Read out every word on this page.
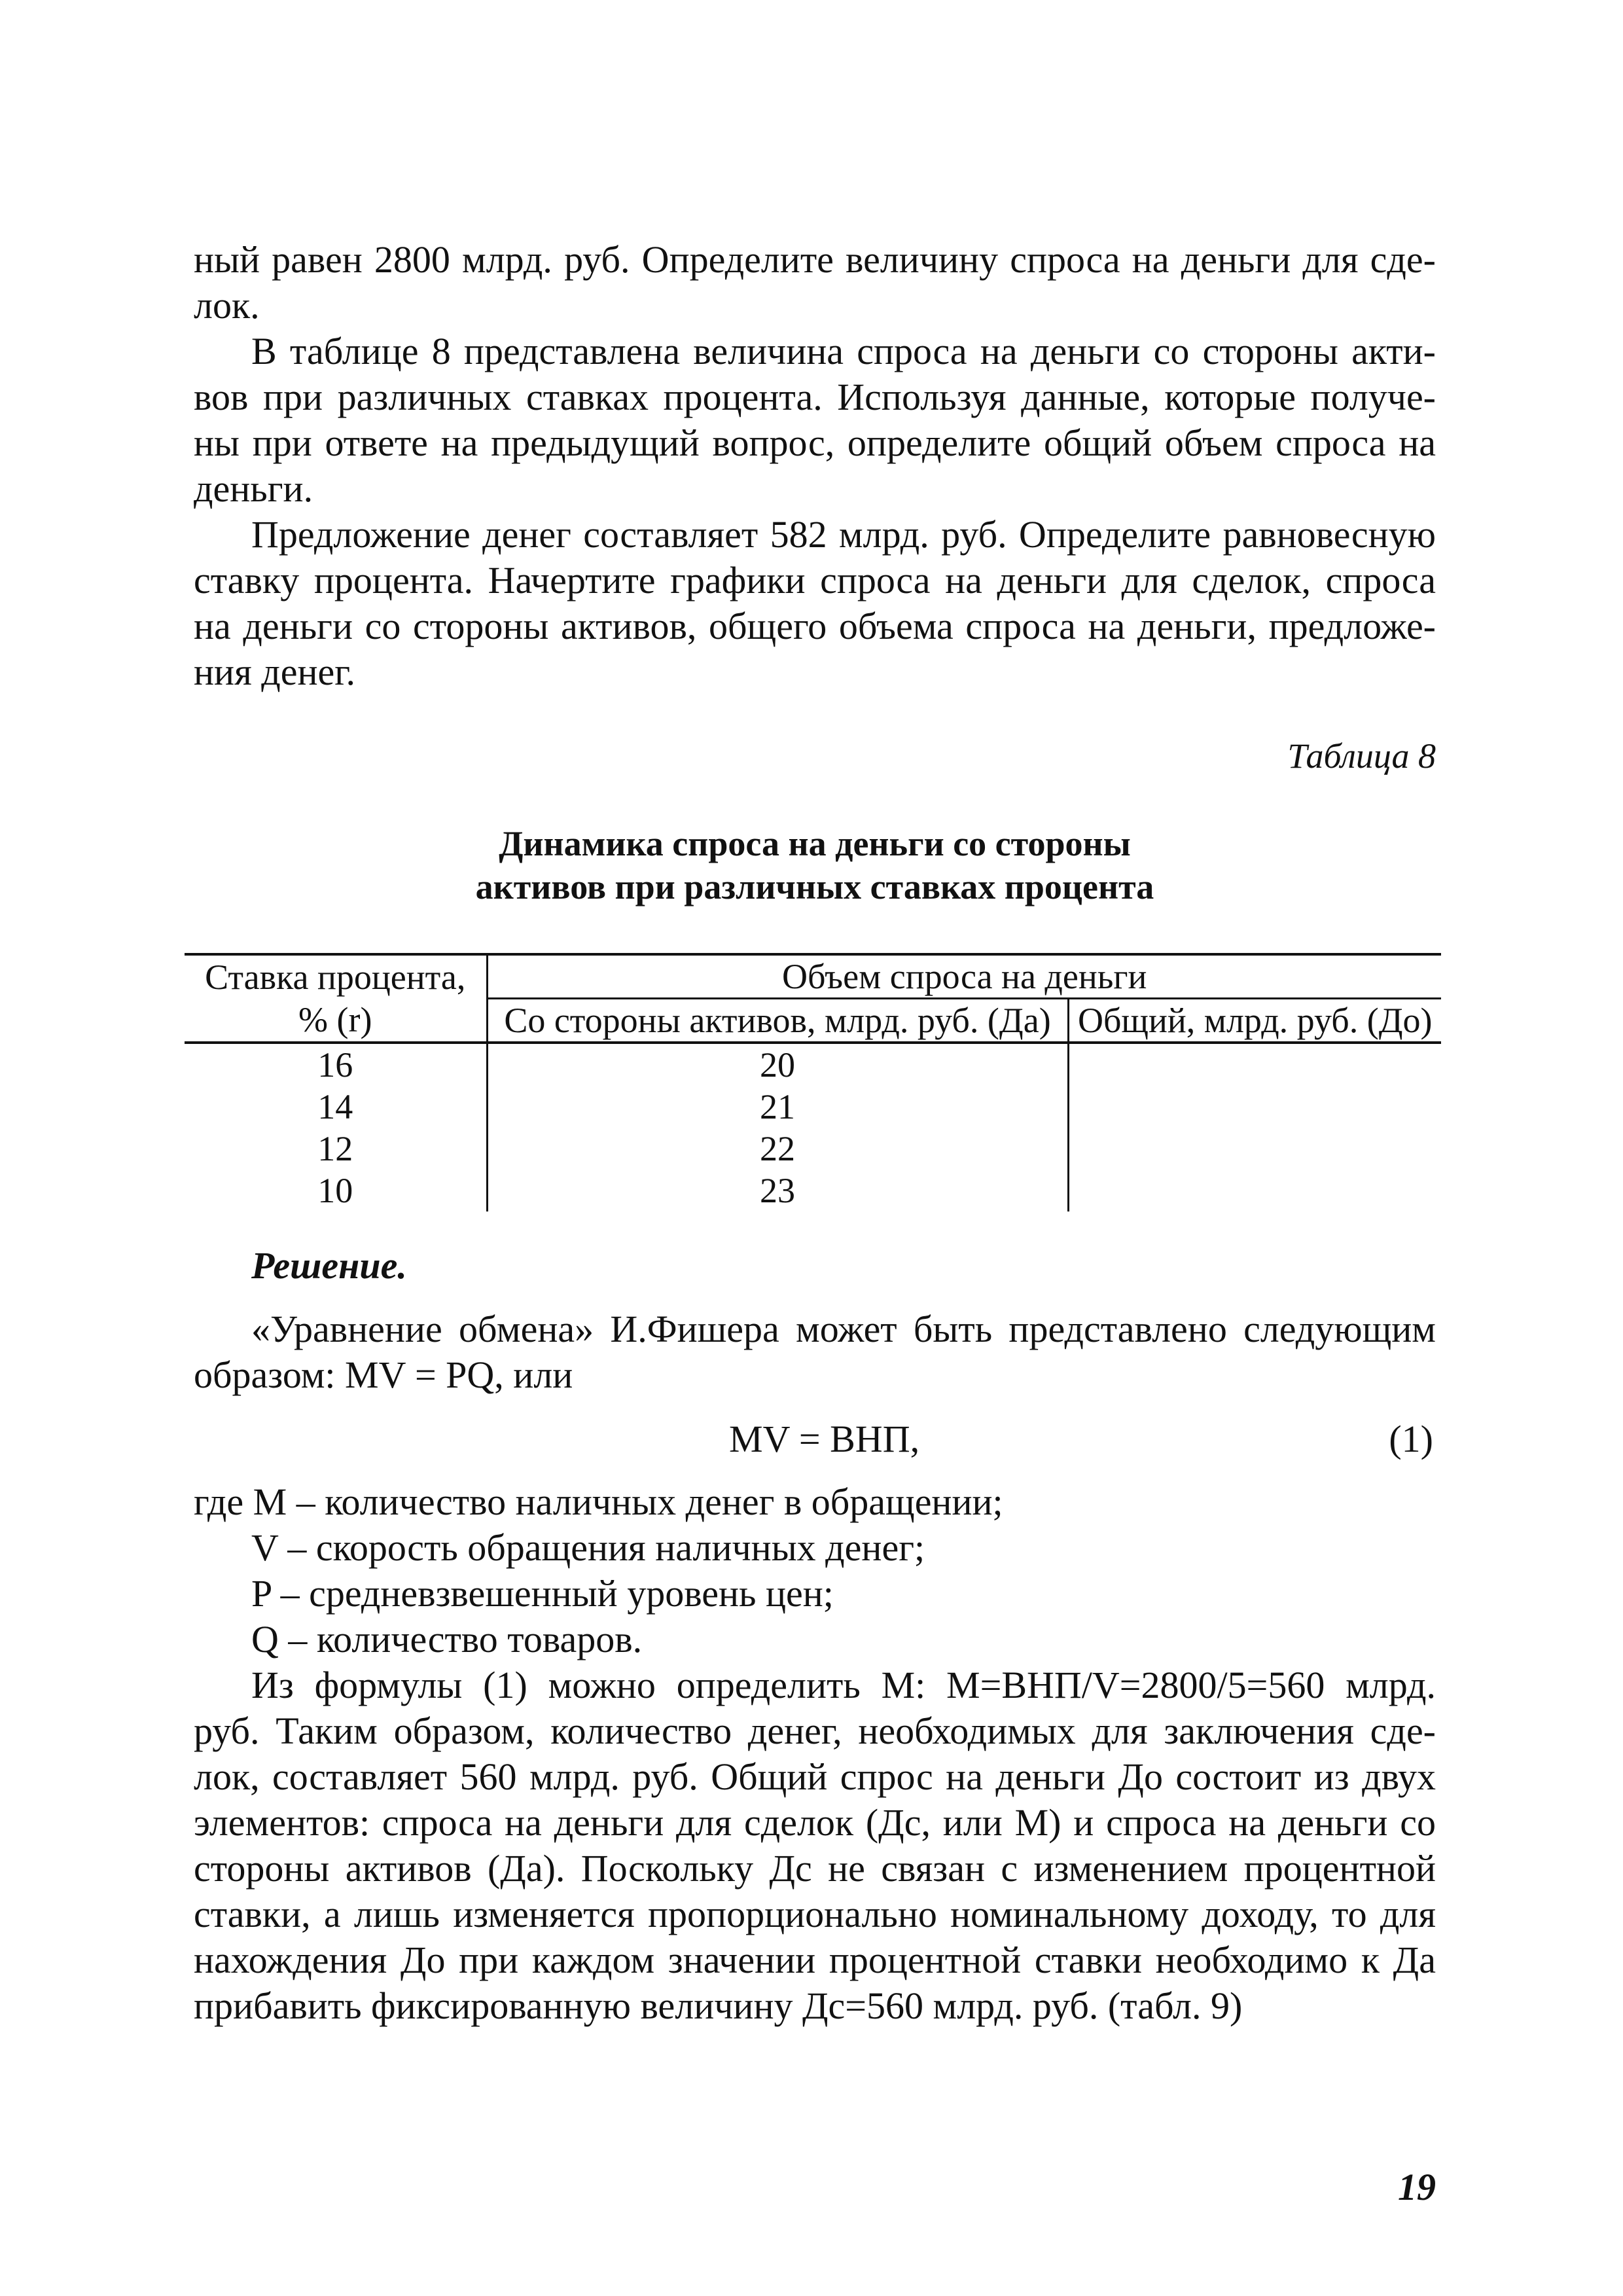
ный равен 2800 млрд. руб. Определите величину спроса на деньги для сде-
лок.
В таблице 8 представлена величина спроса на деньги со стороны акти-
вов при различных ставках процента. Используя данные, которые получе-
ны при ответе на предыдущий вопрос, определите общий объем спроса на
деньги.
Предложение денег составляет 582 млрд. руб. Определите равновесную
ставку процента. Начертите графики спроса на деньги для сделок, спроса
на деньги со стороны активов, общего объема спроса на деньги, предложе-
ния денег.
Таблица 8
Динамика спроса на деньги со стороны
активов при различных ставках процента
Ставка процента,	Объем спроса на деньги	
% (r)	Со стороны активов, млрд. руб. (Да)	Общий, млрд. руб. (До)
16	20	
14	21	
12	22	
10	23	
Решение.
«Уравнение обмена» И.Фишера может быть представлено следующим
образом: MV = PQ, или
MV = ВНП,	(1)
где М – количество наличных денег в обращении;
V – скорость обращения наличных денег;
P – средневзвешенный уровень цен;
Q – количество товаров.
Из формулы (1) можно определить М: М=ВНП/V=2800/5=560 млрд.
руб. Таким образом, количество денег, необходимых для заключения сде-
лок, составляет 560 млрд. руб. Общий спрос на деньги До состоит из двух
элементов: спроса на деньги для сделок (Дс, или М) и спроса на деньги со
стороны активов (Да). Поскольку Дс не связан с изменением процентной
ставки, а лишь изменяется пропорционально номинальному доходу, то для
нахождения До при каждом значении процентной ставки необходимо к Да
прибавить фиксированную величину Дс=560 млрд. руб. (табл. 9)
19
